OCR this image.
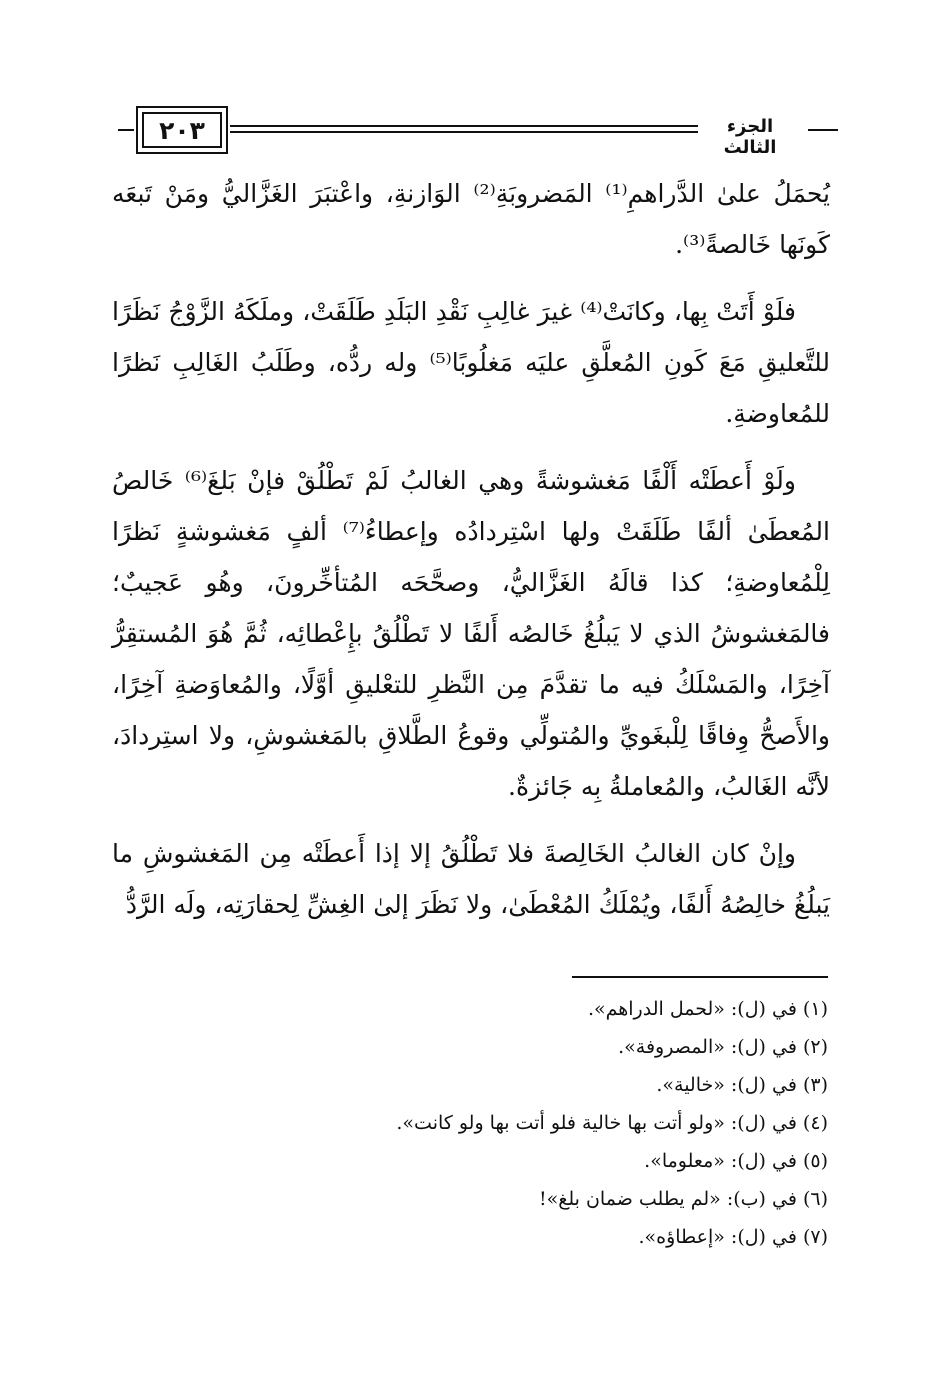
٢٠٣	الجزء الثالث

يُحمَلُ علىٰ الدَّراهمِ⁽¹⁾ المَضروبَةِ⁽²⁾ الوَازنةِ، واعْتبَرَ الغَزَّاليُّ ومَنْ تَبعَه كَونَها خَالصةً⁽³⁾.

فلَوْ أَتَتْ بِها، وكانَتْ⁽⁴⁾ غيرَ غالِبِ نَقْدِ البَلَدِ طَلَقَتْ، وملَكَهُ الزَّوْجُ نَظَرًا للتَّعليقِ مَعَ كَونِ المُعلَّقِ عليَه مَغلُوبًا⁽⁵⁾ وله ردُّه، وطَلَبُ الغَالِبِ نَظرًا للمُعاوضةِ.

ولَوْ أَعطَتْه أَلْفًا مَغشوشةً وهي الغالبُ لَمْ تَطْلُقْ فإنْ بَلغَ⁽⁶⁾ خَالصُ المُعطَىٰ ألفًا طَلَقَتْ ولها اسْتِردادُه وإعطاءُ⁽⁷⁾ ألفٍ مَغشوشةٍ نَظرًا لِلْمُعاوضةِ؛ كذا قالَهُ الغَزَّاليُّ، وصحَّحَه المُتأخِّرونَ، وهُو عَجيبٌ؛ فالمَغشوشُ الذي لا يَبلُغُ خَالصُه أَلفًا لا تَطْلُقُ بإِعْطائِه، ثُمَّ هُوَ المُستقِرُّ آخِرًا، والمَسْلَكُ فيه ما تقدَّمَ مِن النَّظرِ للتعْليقِ أوَّلًا، والمُعاوَضةِ آخِرًا، والأَصحُّ وِفاقًا لِلْبغَويِّ والمُتولِّي وقوعُ الطَّلاقِ بالمَغشوشِ، ولا استِردادَ، لأنَّه الغَالبُ، والمُعاملةُ بِه جَائزةٌ.

وإنْ كان الغالبُ الخَالِصةَ فلا تَطْلُقُ إلا إذا أَعطَتْه مِن المَغشوشِ ما يَبلُغُ خالِصُهُ أَلفًا، ويُمْلَكُ المُعْطَىٰ، ولا نَظَرَ إلىٰ الغِشِّ لِحقارَتِه، ولَه الرَّدُّ

(١) في (ل): «لحمل الدراهم».
(٢) في (ل): «المصروفة».
(٣) في (ل): «خالية».
(٤) في (ل): «ولو أتت بها خالية فلو أتت بها ولو كانت».
(٥) في (ل): «معلوما».
(٦) في (ب): «لم يطلب ضمان بلغ»!
(٧) في (ل): «إعطاؤه».
